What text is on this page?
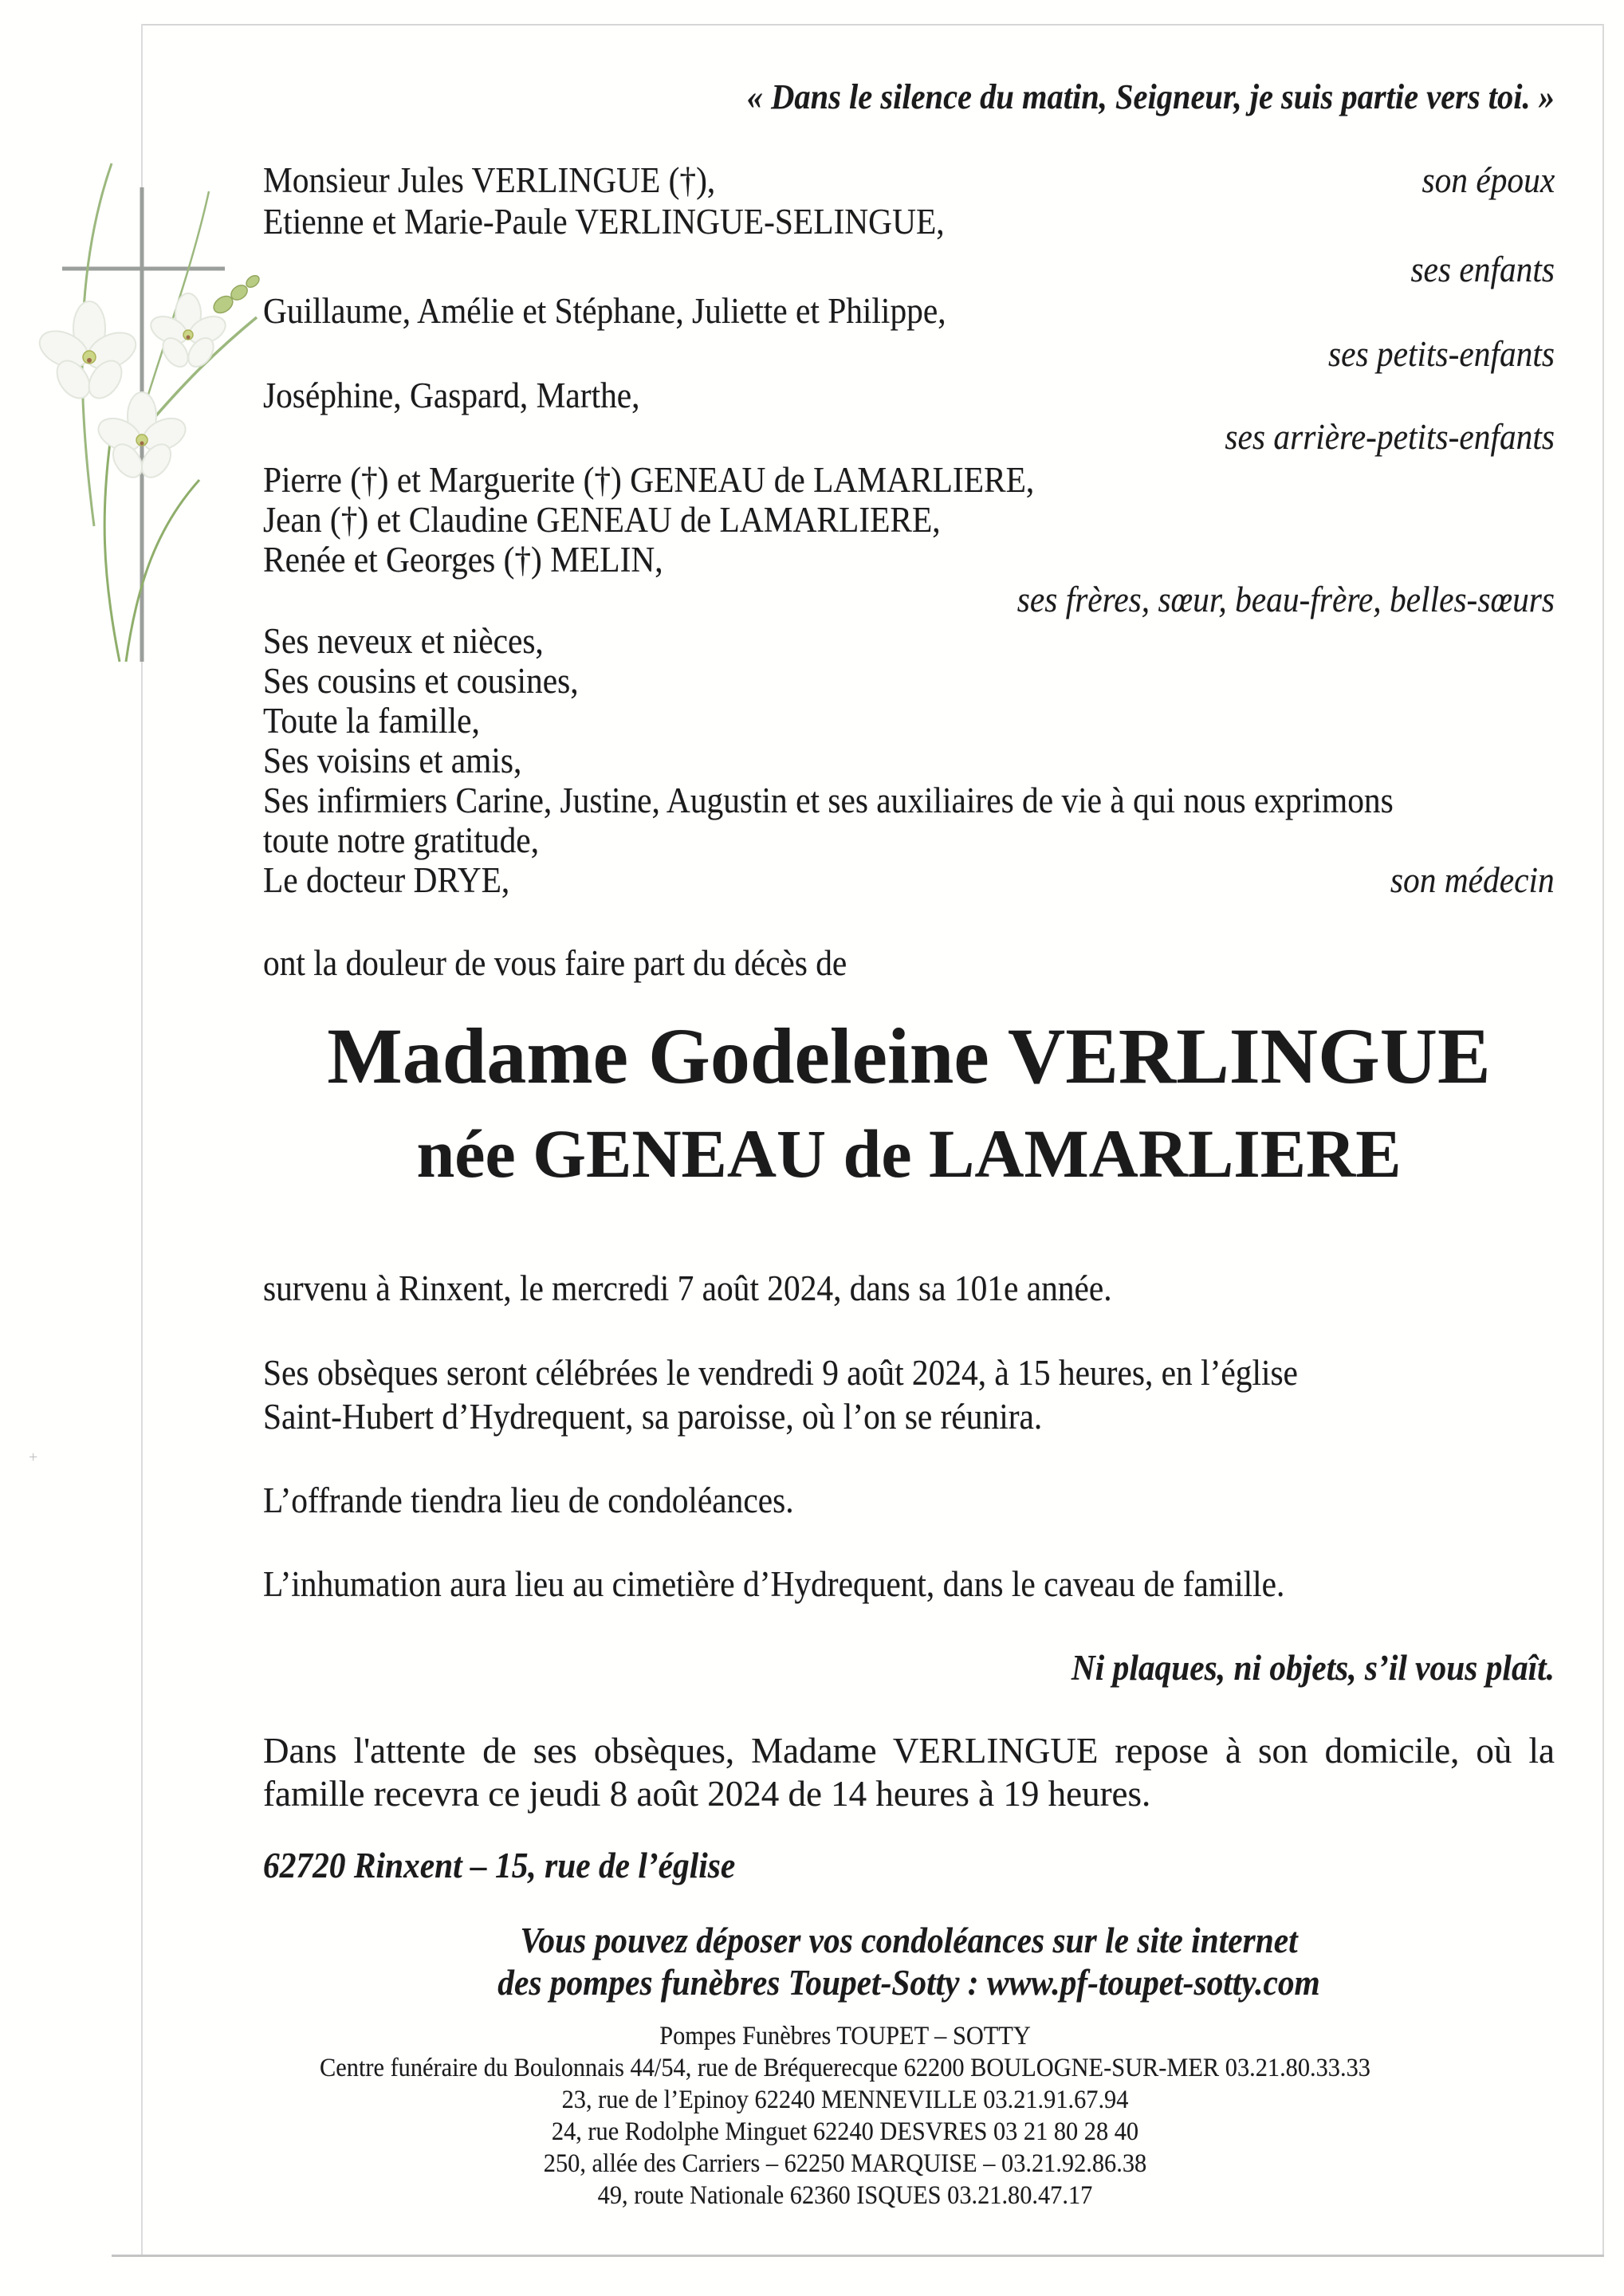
+
« Dans le silence du matin, Seigneur, je suis partie vers toi. »
Monsieur Jules VERLINGUE (†),	son époux
Etienne et Marie-Paule VERLINGUE-SELINGUE,
ses enfants
Guillaume, Amélie et Stéphane, Juliette et Philippe,
ses petits-enfants
Joséphine, Gaspard, Marthe,
ses arrière-petits-enfants
Pierre (†) et Marguerite (†) GENEAU de LAMARLIERE,
Jean (†) et Claudine GENEAU de LAMARLIERE,
Renée et Georges (†) MELIN,
ses frères, sœur, beau-frère, belles-sœurs
Ses neveux et nièces,
Ses cousins et cousines,
Toute la famille,
Ses voisins et amis,
Ses infirmiers Carine, Justine, Augustin et ses auxiliaires de vie à qui nous exprimons
toute notre gratitude,
Le docteur DRYE,	son médecin
ont la douleur de vous faire part du décès de
Madame Godeleine VERLINGUE
née GENEAU de LAMARLIERE
survenu à Rinxent, le mercredi 7 août 2024, dans sa 101e année.
Ses obsèques seront célébrées le vendredi 9 août 2024, à 15 heures, en l’église
Saint-Hubert d’Hydrequent, sa paroisse, où l’on se réunira.
L’offrande tiendra lieu de condoléances.
L’inhumation aura lieu au cimetière d’Hydrequent, dans le caveau de famille.
Ni plaques, ni objets, s’il vous plaît.
Dans l'attente de ses obsèques, Madame VERLINGUE repose à son domicile, où la
famille recevra ce jeudi 8 août 2024 de 14 heures à 19 heures.
62720 Rinxent – 15, rue de l’église
Vous pouvez déposer vos condoléances sur le site internet
des pompes funèbres Toupet-Sotty : www.pf-toupet-sotty.com
Pompes Funèbres TOUPET – SOTTY
Centre funéraire du Boulonnais 44/54, rue de Bréquerecque 62200 BOULOGNE-SUR-MER 03.21.80.33.33
23, rue de l’Epinoy 62240 MENNEVILLE 03.21.91.67.94
24, rue Rodolphe Minguet 62240 DESVRES 03 21 80 28 40
250, allée des Carriers – 62250 MARQUISE – 03.21.92.86.38
49, route Nationale 62360 ISQUES 03.21.80.47.17
